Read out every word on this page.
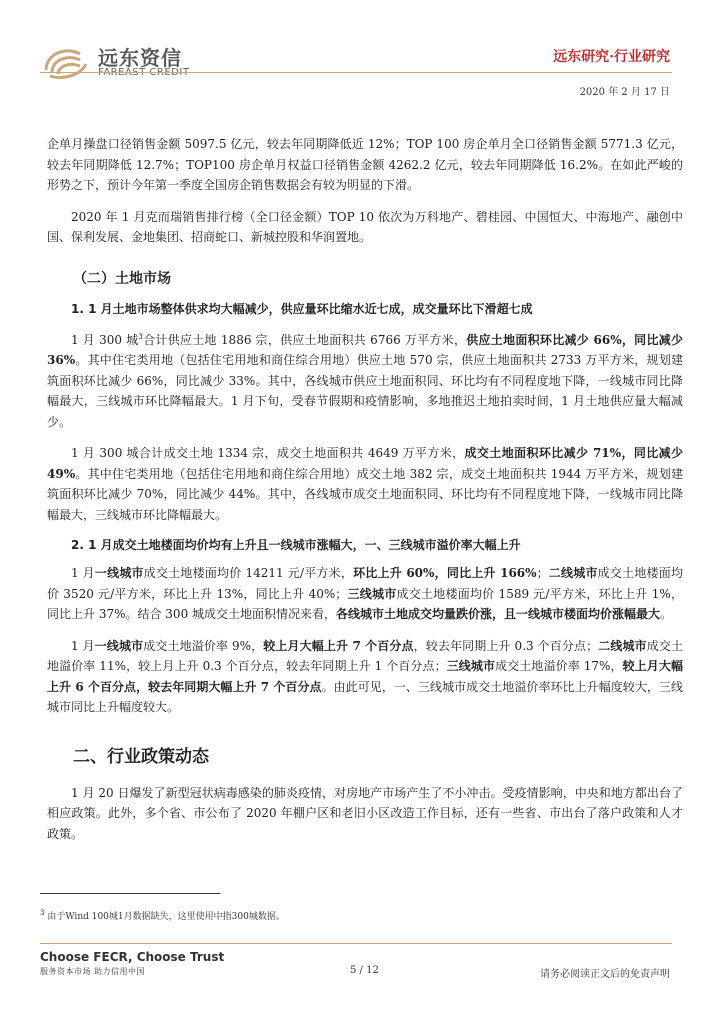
远东资信
FAREAST CREDIT
远东研究·行业研究
2020 年 2 月 17 日

企单月操盘口径销售金额 5097.5 亿元，较去年同期降低近 12%；TOP 100 房企单月全口径销售金额 5771.3 亿元，较去年同期降低 12.7%；TOP100 房企单月权益口径销售金额 4262.2 亿元，较去年同期降低 16.2%。在如此严峻的形势之下，预计今年第一季度全国房企销售数据会有较为明显的下滑。

2020 年 1 月克而瑞销售排行榜（全口径金额）TOP 10 依次为万科地产、碧桂园、中国恒大、中海地产、融创中国、保利发展、金地集团、招商蛇口、新城控股和华润置地。

（二）土地市场
1. 1 月土地市场整体供求均大幅减少，供应量环比缩水近七成，成交量环比下滑超七成

1 月 300 城$^3$合计供应土地 1886 宗，供应土地面积共 6766 万平方米，供应土地面积环比减少 66%，同比减少 36%。其中住宅类用地（包括住宅用地和商住综合用地）供应土地 570 宗，供应土地面积共 2733 万平方米，规划建筑面积环比减少 66%，同比减少 33%。其中，各线城市供应土地面积同、环比均有不同程度地下降，一线城市同比降幅最大，三线城市环比降幅最大。1 月下旬，受春节假期和疫情影响，多地推迟土地拍卖时间，1 月土地供应量大幅减少。

1 月 300 城合计成交土地 1334 宗，成交土地面积共 4649 万平方米，成交土地面积环比减少 71%，同比减少 49%。其中住宅类用地（包括住宅用地和商住综合用地）成交土地 382 宗，成交土地面积共 1944 万平方米，规划建筑面积环比减少 70%，同比减少 44%。其中，各线城市成交土地面积同、环比均有不同程度地下降，一线城市同比降幅最大，三线城市环比降幅最大。

2. 1 月成交土地楼面均价均有上升且一线城市涨幅大，一、三线城市溢价率大幅上升

1 月一线城市成交土地楼面均价 14211 元/平方米，环比上升 60%，同比上升 166%；二线城市成交土地楼面均价 3520 元/平方米，环比上升 13%，同比上升 40%；三线城市成交土地楼面均价 1589 元/平方米，环比上升 1%，同比上升 37%。结合 300 城成交土地面积情况来看，各线城市土地成交均量跌价涨，且一线城市楼面均价涨幅最大。

1 月一线城市成交土地溢价率 9%，较上月大幅上升 7 个百分点，较去年同期上升 0.3 个百分点；二线城市成交土地溢价率 11%，较上月上升 0.3 个百分点，较去年同期上升 1 个百分点；三线城市成交土地溢价率 17%，较上月大幅上升 6 个百分点，较去年同期大幅上升 7 个百分点。由此可见，一、三线城市成交土地溢价率环比上升幅度较大，三线城市同比上升幅度较大。

二、行业政策动态

1 月 20 日爆发了新型冠状病毒感染的肺炎疫情，对房地产市场产生了不小冲击。受疫情影响，中央和地方都出台了相应政策。此外，多个省、市公布了 2020 年棚户区和老旧小区改造工作目标，还有一些省、市出台了落户政策和人才政策。

$^3$ 由于Wind 100城1月数据缺失，这里使用中指300城数据。
Choose FECR, Choose Trust
服务资本市场 助力信用中国	5 / 12	请务必阅读正文后的免责声明
